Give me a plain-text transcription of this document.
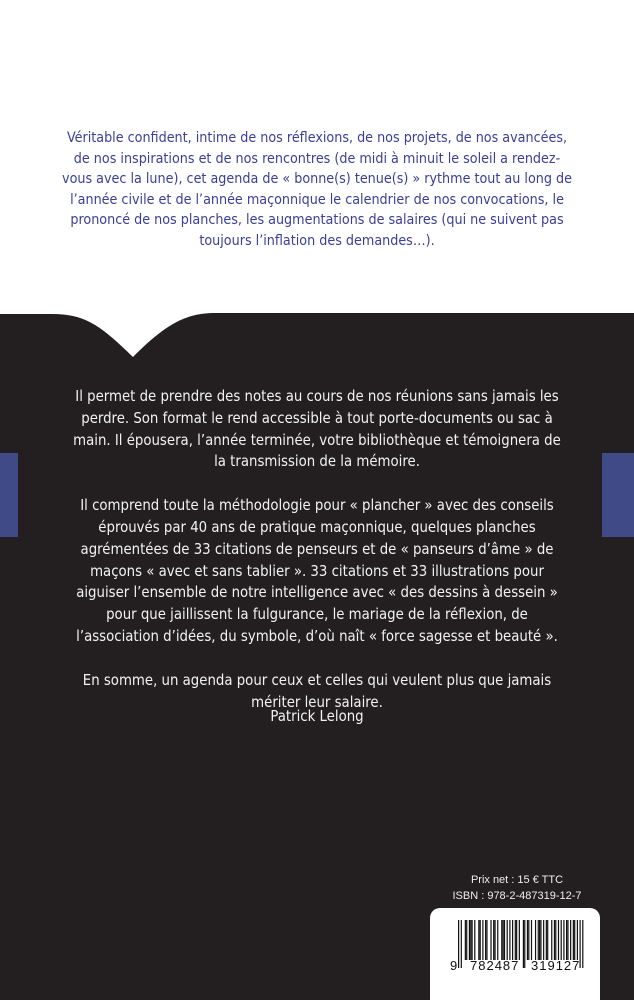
Véritable confident, intime de nos réflexions, de nos projets, de nos avancées, de nos inspirations et de nos rencontres (de midi à minuit le soleil a rendez-vous avec la lune), cet agenda de « bonne(s) tenue(s) » rythme tout au long de l’année civile et de l’année maçonnique le calendrier de nos convocations, le prononcé de nos planches, les augmentations de salaires (qui ne suivent pas toujours l’inflation des demandes…).

Il permet de prendre des notes au cours de nos réunions sans jamais les perdre. Son format le rend accessible à tout porte-documents ou sac à main. Il épousera, l’année terminée, votre bibliothèque et témoignera de la transmission de la mémoire.

Il comprend toute la méthodologie pour « plancher » avec des conseils éprouvés par 40 ans de pratique maçonnique, quelques planches agrémentées de 33 citations de penseurs et de « panseurs d’âme » de maçons « avec et sans tablier ». 33 citations et 33 illustrations pour aiguiser l’ensemble de notre intelligence avec « des dessins à dessein » pour que jaillissent la fulgurance, le mariage de la réflexion, de l’association d’idées, du symbole, d’où naît « force sagesse et beauté ».

En somme, un agenda pour ceux et celles qui veulent plus que jamais mériter leur salaire.

Patrick Lelong
Prix net : 15 € TTC
ISBN : 978-2-487319-12-7
9 782487 319127
